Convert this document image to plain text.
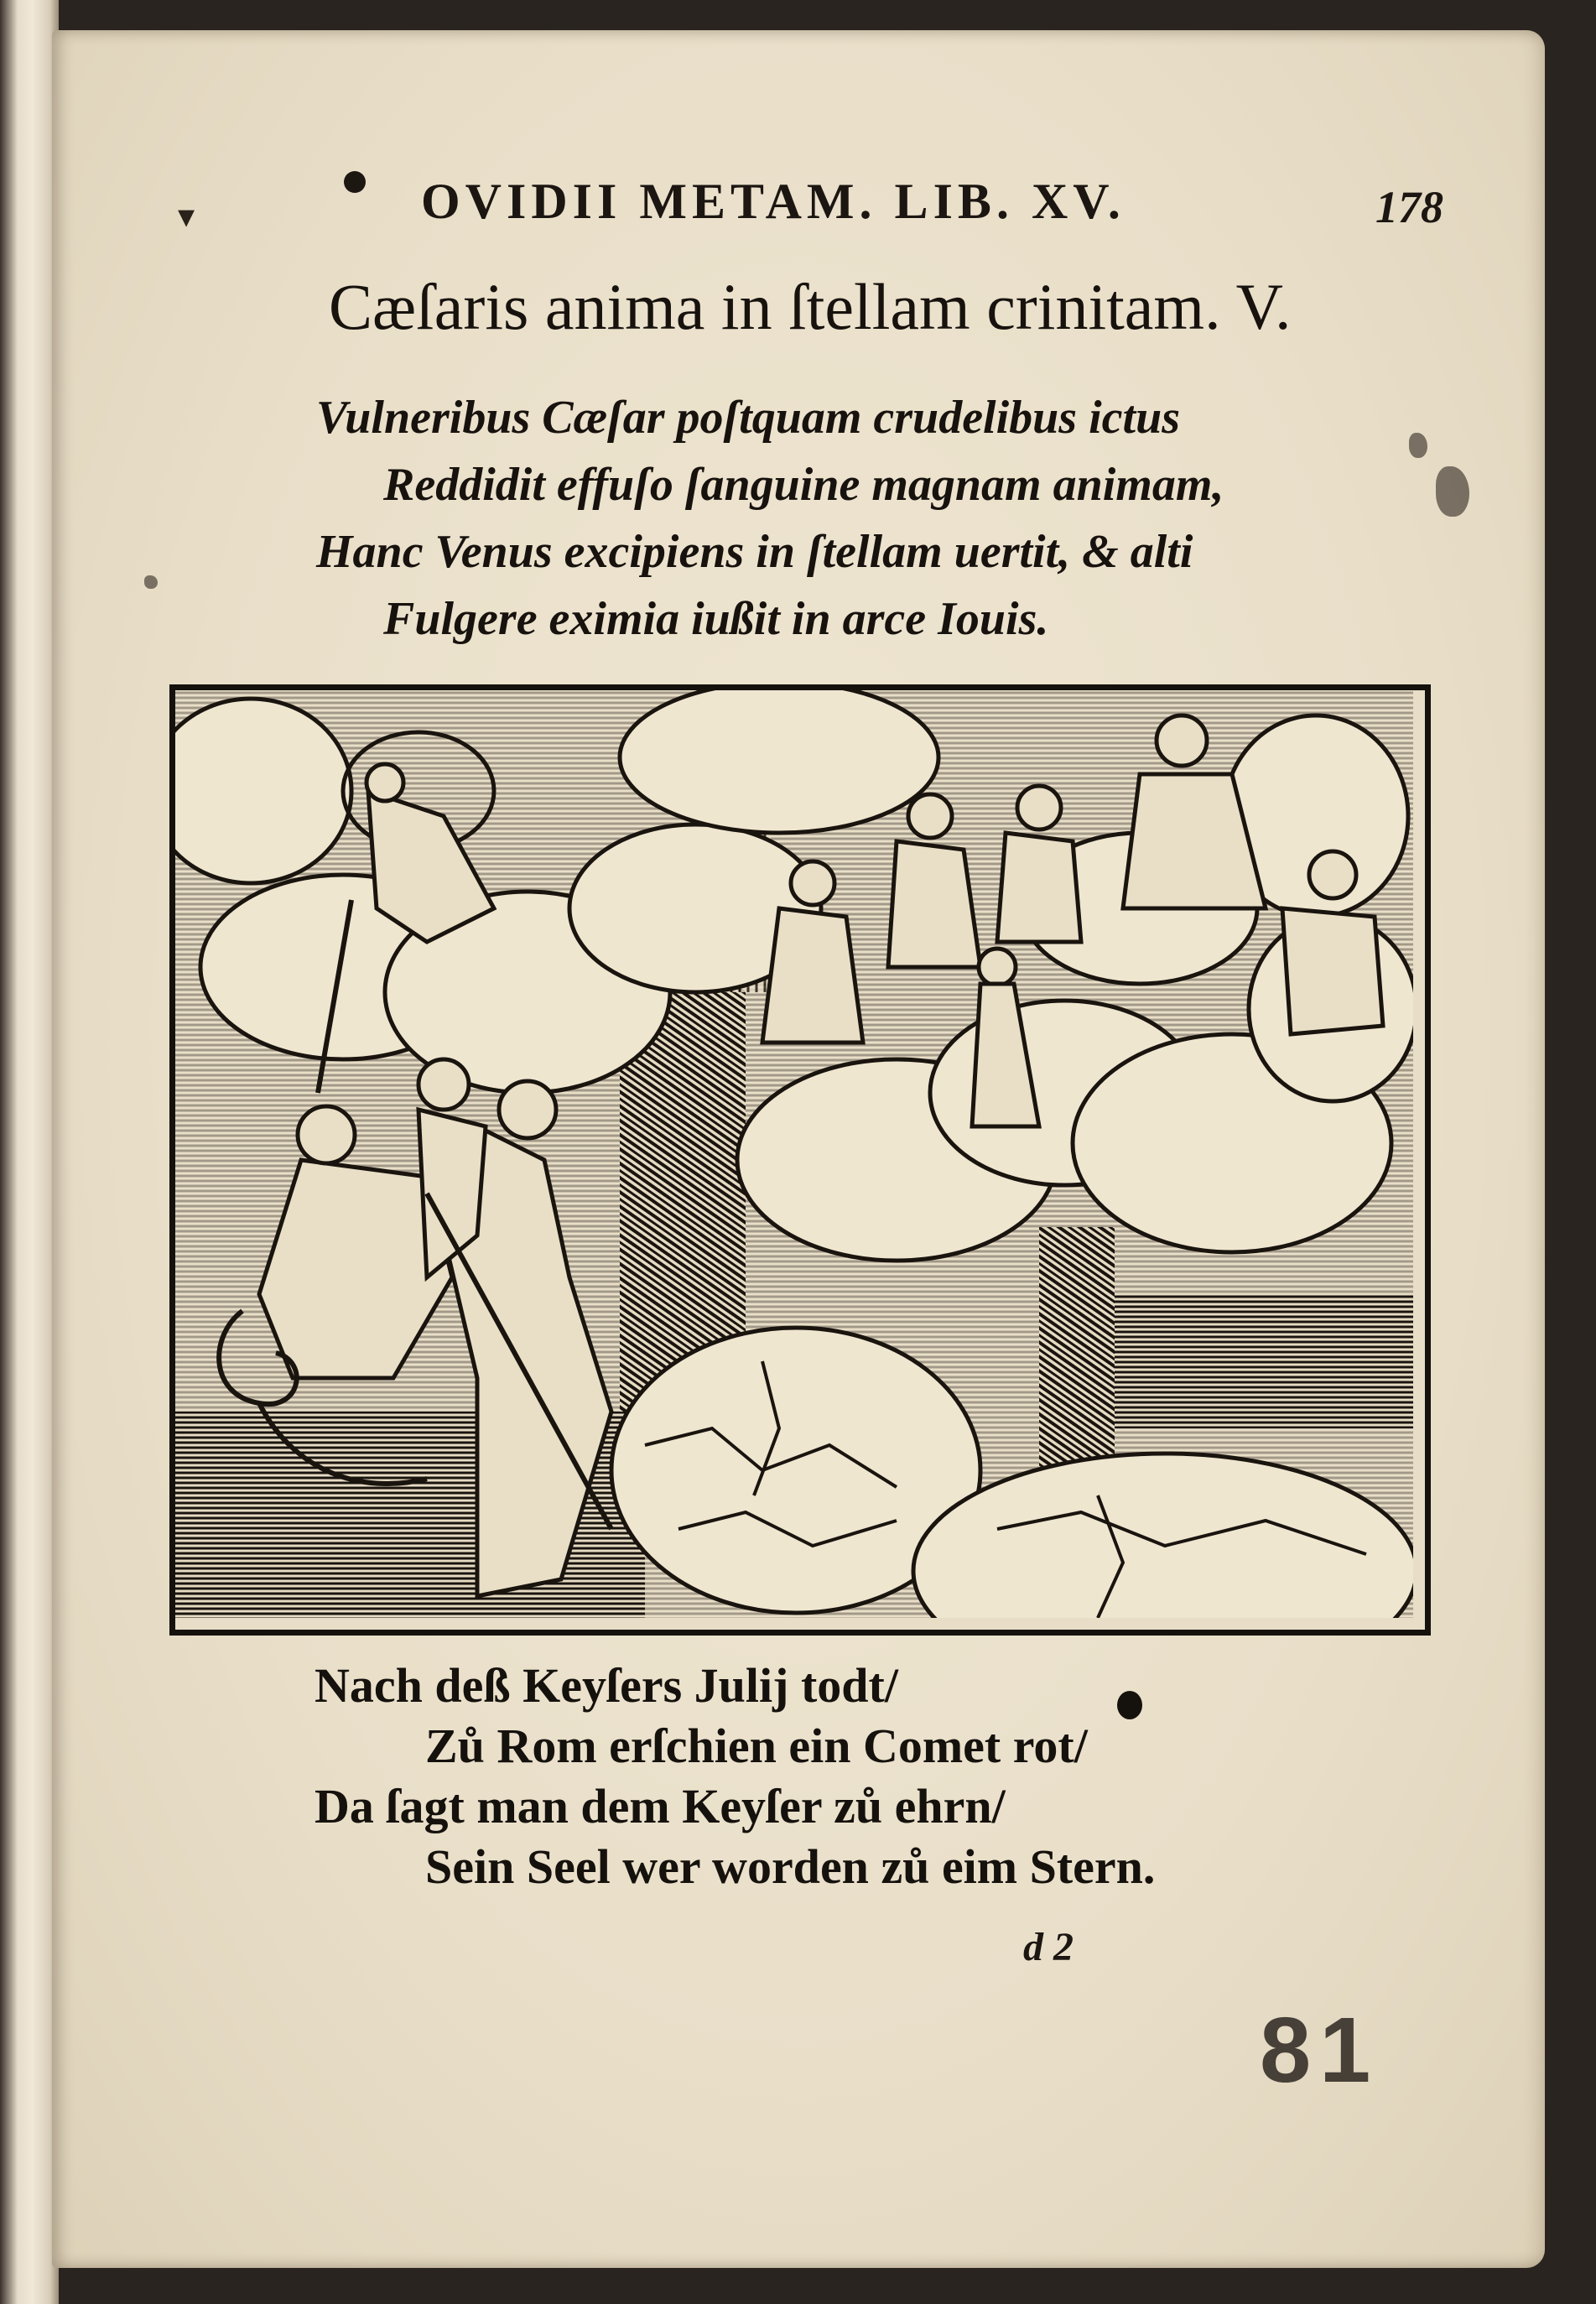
▾	OVIDII METAM. LIB. XV.	178
Cæſaris anima in ſtellam crinitam. V.
Vulneribus Cæſar poſtquam crudelibus ictus
Reddidit effuſo ſanguine magnam animam,
Hanc Venus excipiens in ſtellam uertit, & alti
Fulgere eximia iußit in arce Iouis.
Nach deß Keyſers Julij todt/
Zů Rom erſchien ein Comet rot/
Da ſagt man dem Keyſer zů ehrn/
Sein Seel wer worden zů eim Stern.
d 2
81
